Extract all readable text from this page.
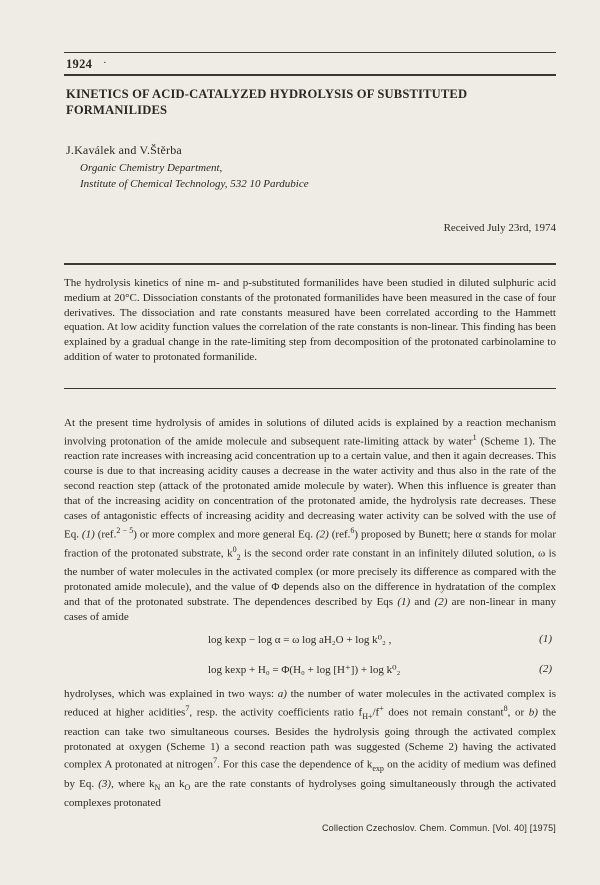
1924 ·
KINETICS OF ACID-CATALYZED HYDROLYSIS OF SUBSTITUTED FORMANILIDES
J.Kaválek and V.Štěrba
Organic Chemistry Department,
Institute of Chemical Technology, 532 10 Pardubice
Received July 23rd, 1974
The hydrolysis kinetics of nine m- and p-substituted formanilides have been studied in diluted sulphuric acid medium at 20°C. Dissociation constants of the protonated formanilides have been measured in the case of four derivatives. The dissociation and rate constants measured have been correlated according to the Hammett equation. At low acidity function values the correlation of the rate constants is non-linear. This finding has been explained by a gradual change in the rate-limiting step from decomposition of the protonated carbinolamine to addition of water to protonated formanilide.
At the present time hydrolysis of amides in solutions of diluted acids is explained by a reaction mechanism involving protonation of the amide molecule and subsequent rate-limiting attack by water$^1$ (Scheme 1). The reaction rate increases with increasing acid concentration up to a certain value, and then it again decreases. This course is due to that increasing acidity causes a decrease in the water activity and thus also in the rate of the second reaction step (attack of the protonated amide molecule by water). When this influence is greater than that of the increasing acidity on concentration of the protonated amide, the hydrolysis rate decreases. These cases of antagonistic effects of increasing acidity and decreasing water activity can be solved with the use of Eq. (1) (ref.$^{2 - 5}$) or more complex and more general Eq. (2) (ref.$^6$) proposed by Bunett; here α stands for molar fraction of the protonated substrate, $k^0_2$ is the second order rate constant in an infinitely diluted solution, ω is the number of water molecules in the activated complex (or more precisely its difference as compared with the protonated amide molecule), and the value of Φ depends also on the difference in hydratation of the complex and that of the protonated substrate. The dependences described by Eqs (1) and (2) are non-linear in many cases of amide
log kexp − log α = ω log aH₂O + log k⁰₂ ,	(1)
log kexp + H₀ = Φ(H₀ + log [H⁺]) + log k⁰₂	(2)
hydrolyses, which was explained in two ways: a) the number of water molecules in the activated complex is reduced at higher acidities$^7$, resp. the activity coefficients ratio $f_{H+}/f^+$ does not remain constant$^8$, or b) the reaction can take two simultaneous courses. Besides the hydrolysis going through the activated complex protonated at oxygen (Scheme 1) a second reaction path was suggested (Scheme 2) having the activated complex A protonated at nitrogen$^7$. For this case the dependence of $k_{exp}$ on the acidity of medium was defined by Eq. (3), where $k_N$ an $k_O$ are the rate constants of hydrolyses going simultaneously through the activated complexes protonated
Collection Czechoslov. Chem. Commun. [Vol. 40] [1975]
